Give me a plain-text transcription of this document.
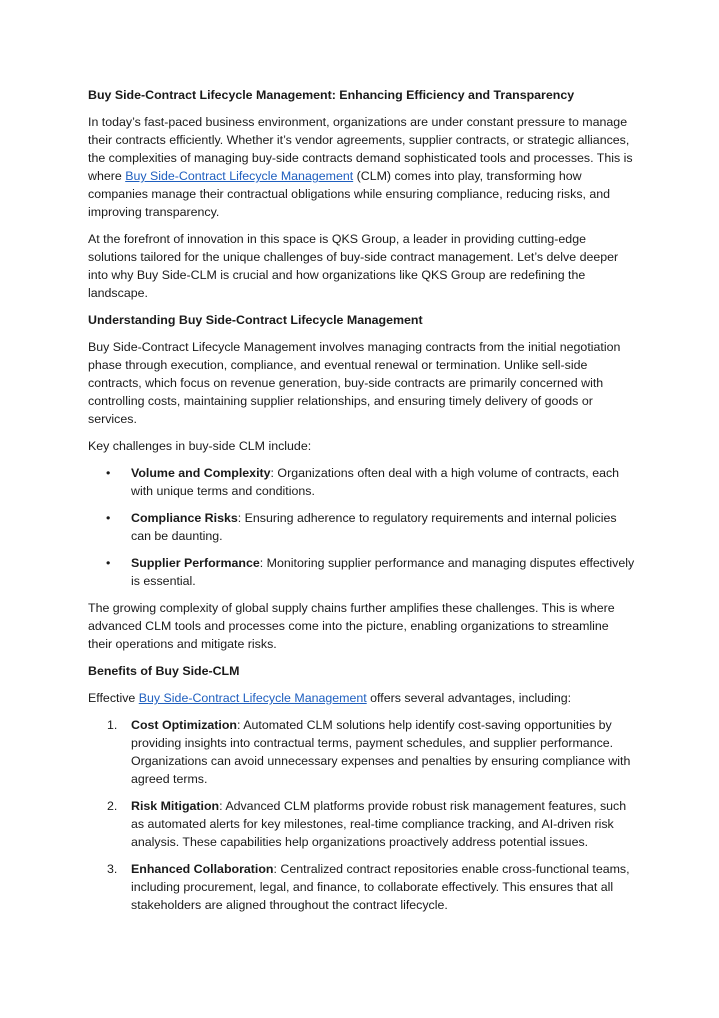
Buy Side-Contract Lifecycle Management: Enhancing Efficiency and Transparency

In today’s fast-paced business environment, organizations are under constant pressure to manage their contracts efficiently. Whether it’s vendor agreements, supplier contracts, or strategic alliances, the complexities of managing buy-side contracts demand sophisticated tools and processes. This is where Buy Side-Contract Lifecycle Management (CLM) comes into play, transforming how companies manage their contractual obligations while ensuring compliance, reducing risks, and improving transparency.

At the forefront of innovation in this space is QKS Group, a leader in providing cutting-edge solutions tailored for the unique challenges of buy-side contract management. Let’s delve deeper into why Buy Side-CLM is crucial and how organizations like QKS Group are redefining the landscape.

Understanding Buy Side-Contract Lifecycle Management

Buy Side-Contract Lifecycle Management involves managing contracts from the initial negotiation phase through execution, compliance, and eventual renewal or termination. Unlike sell-side contracts, which focus on revenue generation, buy-side contracts are primarily concerned with controlling costs, maintaining supplier relationships, and ensuring timely delivery of goods or services.

Key challenges in buy-side CLM include:

• Volume and Complexity: Organizations often deal with a high volume of contracts, each with unique terms and conditions.
• Compliance Risks: Ensuring adherence to regulatory requirements and internal policies can be daunting.
• Supplier Performance: Monitoring supplier performance and managing disputes effectively is essential.

The growing complexity of global supply chains further amplifies these challenges. This is where advanced CLM tools and processes come into the picture, enabling organizations to streamline their operations and mitigate risks.

Benefits of Buy Side-CLM

Effective Buy Side-Contract Lifecycle Management offers several advantages, including:

1. Cost Optimization: Automated CLM solutions help identify cost-saving opportunities by providing insights into contractual terms, payment schedules, and supplier performance. Organizations can avoid unnecessary expenses and penalties by ensuring compliance with agreed terms.
2. Risk Mitigation: Advanced CLM platforms provide robust risk management features, such as automated alerts for key milestones, real-time compliance tracking, and AI-driven risk analysis. These capabilities help organizations proactively address potential issues.
3. Enhanced Collaboration: Centralized contract repositories enable cross-functional teams, including procurement, legal, and finance, to collaborate effectively. This ensures that all stakeholders are aligned throughout the contract lifecycle.
